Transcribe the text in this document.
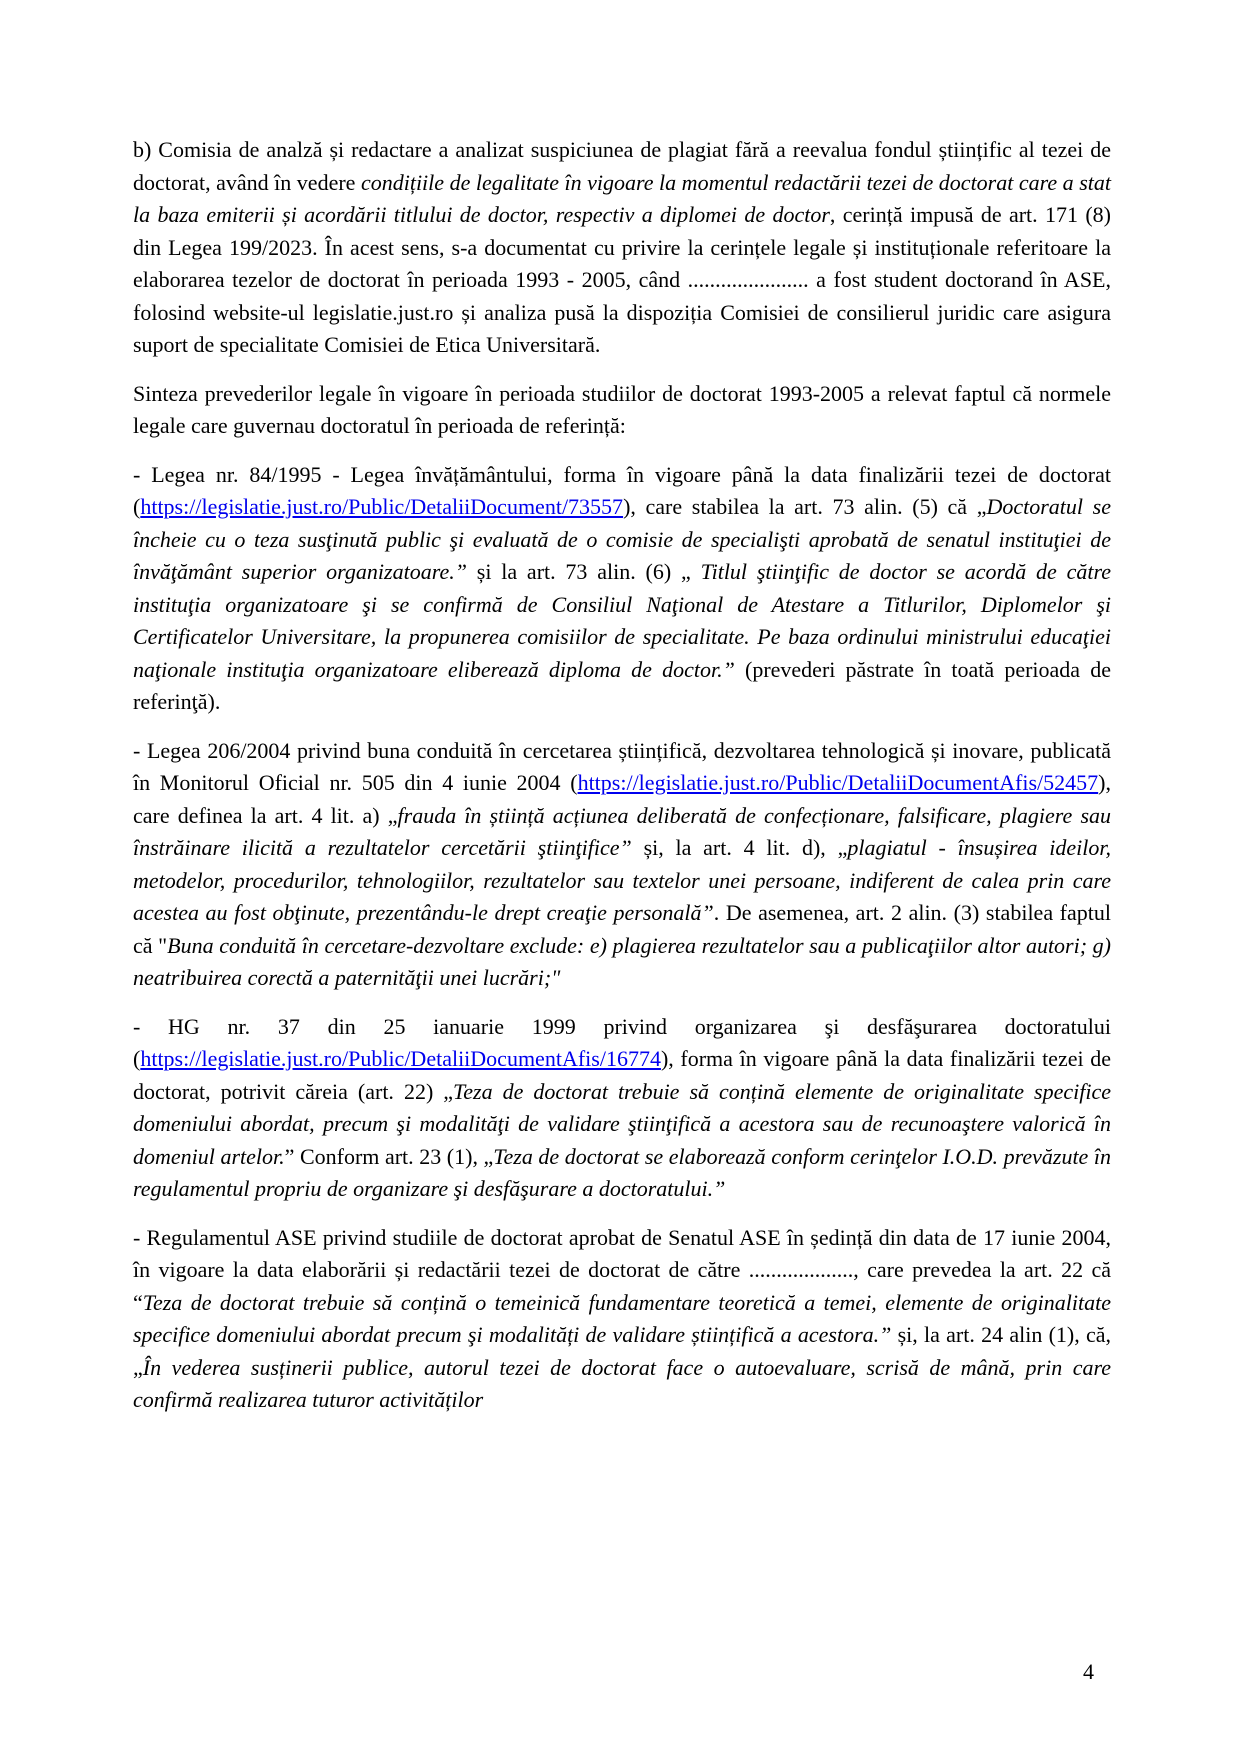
b) Comisia de analză și redactare a analizat suspiciunea de plagiat fără a reevalua fondul științific al tezei de doctorat, având în vedere condițiile de legalitate în vigoare la momentul redactării tezei de doctorat care a stat la baza emiterii și acordării titlului de doctor, respectiv a diplomei de doctor, cerință impusă de art. 171 (8) din Legea 199/2023. În acest sens, s-a documentat cu privire la cerințele legale și instituționale referitoare la elaborarea tezelor de doctorat în perioada 1993 - 2005, când ...................... a fost student doctorand în ASE, folosind website-ul legislatie.just.ro și analiza pusă la dispoziția Comisiei de consilierul juridic care asigura suport de specialitate Comisiei de Etica Universitară.

Sinteza prevederilor legale în vigoare în perioada studiilor de doctorat 1993-2005 a relevat faptul că normele legale care guvernau doctoratul în perioada de referință:

- Legea nr. 84/1995 - Legea învățământului, forma în vigoare până la data finalizării tezei de doctorat (https://legislatie.just.ro/Public/DetaliiDocument/73557), care stabilea la art. 73 alin. (5) că „Doctoratul se încheie cu o teza susţinută public şi evaluată de o comisie de specialişti aprobată de senatul instituţiei de învăţământ superior organizatoare.” și la art. 73 alin. (6) „ Titlul ştiinţific de doctor se acordă de către instituţia organizatoare şi se confirmă de Consiliul Naţional de Atestare a Titlurilor, Diplomelor şi Certificatelor Universitare, la propunerea comisiilor de specialitate. Pe baza ordinului ministrului educaţiei naţionale instituţia organizatoare eliberează diploma de doctor.” (prevederi păstrate în toată perioada de referinţă).

- Legea 206/2004 privind buna conduită în cercetarea științifică, dezvoltarea tehnologică și inovare, publicată în Monitorul Oficial nr. 505 din 4 iunie 2004 (https://legislatie.just.ro/Public/DetaliiDocumentAfis/52457), care definea la art. 4 lit. a) „frauda în știință acțiunea deliberată de confecționare, falsificare, plagiere sau înstrăinare ilicită a rezultatelor cercetării ştiinţifice” și, la art. 4 lit. d), „plagiatul - însușirea ideilor, metodelor, procedurilor, tehnologiilor, rezultatelor sau textelor unei persoane, indiferent de calea prin care acestea au fost obţinute, prezentându-le drept creaţie personală”. De asemenea, art. 2 alin. (3) stabilea faptul că "Buna conduită în cercetare-dezvoltare exclude: e) plagierea rezultatelor sau a publicaţiilor altor autori; g) neatribuirea corectă a paternităţii unei lucrări;"

- HG nr. 37 din 25 ianuarie 1999 privind organizarea şi desfăşurarea doctoratului (https://legislatie.just.ro/Public/DetaliiDocumentAfis/16774), forma în vigoare până la data finalizării tezei de doctorat, potrivit căreia (art. 22) „Teza de doctorat trebuie să conțină elemente de originalitate specifice domeniului abordat, precum şi modalităţi de validare ştiinţifică a acestora sau de recunoaştere valorică în domeniul artelor.” Conform art. 23 (1), „Teza de doctorat se elaborează conform cerinţelor I.O.D. prevăzute în regulamentul propriu de organizare şi desfăşurare a doctoratului.”

- Regulamentul ASE privind studiile de doctorat aprobat de Senatul ASE în ședință din data de 17 iunie 2004, în vigoare la data elaborării și redactării tezei de doctorat de către ..................., care prevedea la art. 22 că “Teza de doctorat trebuie să conțină o temeinică fundamentare teoretică a temei, elemente de originalitate specifice domeniului abordat precum şi modalități de validare științifică a acestora.” și, la art. 24 alin (1), că, „În vederea susținerii publice, autorul tezei de doctorat face o autoevaluare, scrisă de mână, prin care confirmă realizarea tuturor activităților

4
